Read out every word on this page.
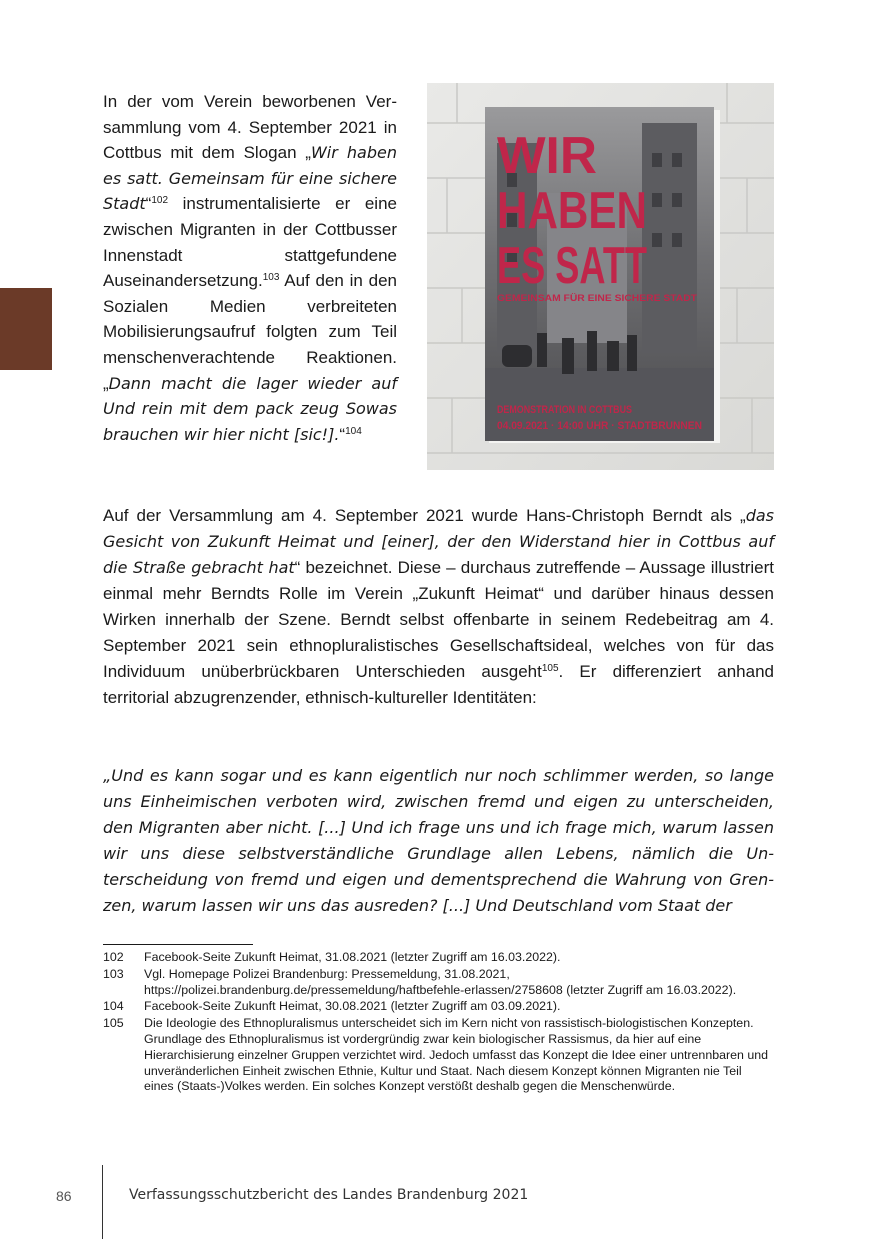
In der vom Verein beworbenen Versammlung vom 4. September 2021 in Cottbus mit dem Slogan „Wir haben es satt. Gemeinsam für eine sichere Stadt“$^{102}$ instrumentalisierte er eine zwischen Migranten in der Cottbusser Innenstadt stattgefundene Auseinandersetzung.$^{103}$ Auf den in den Sozialen Medien verbreiteten Mobilisierungsaufruf folgten zum Teil menschenverachtende Reaktionen. „Dann macht die lager wieder auf Und rein mit dem pack zeug Sowas brauchen wir hier nicht [sic!].“$^{104}$
WIR
HABEN
ES SATT
GEMEINSAM FÜR EINE SICHERE STADT
DEMONSTRATION IN COTTBUS
04.09.2021 · 14:00 UHR · STADTBRUNNEN

Auf der Versammlung am 4. September 2021 wurde Hans-Christoph Berndt als „das Gesicht von Zukunft Heimat und [einer], der den Widerstand hier in Cottbus auf die Straße gebracht hat“ bezeichnet. Diese – durchaus zutreffende – Aussage illustriert einmal mehr Berndts Rolle im Verein „Zukunft Heimat“ und darüber hinaus dessen Wirken innerhalb der Szene. Berndt selbst offenbarte in seinem Redebeitrag am 4. September 2021 sein ethnopluralistisches Gesellschaftsideal, welches von für das Individuum unüberbrückbaren Unterschieden ausgeht$^{105}$. Er differenziert anhand territorial abzugrenzender, ethnisch-kultureller Identitäten:

„Und es kann sogar und es kann eigentlich nur noch schlimmer werden, so lange uns Einheimischen verboten wird, zwischen fremd und eigen zu unterscheiden, den Migranten aber nicht. [...] Und ich frage uns und ich frage mich, warum lassen wir uns diese selbstverständliche Grundlage allen Lebens, nämlich die Unterscheidung von fremd und eigen und dementsprechend die Wahrung von Grenzen, warum lassen wir uns das ausreden? [...] Und Deutschland vom Staat der
102	Facebook-Seite Zukunft Heimat, 31.08.2021 (letzter Zugriff am 16.03.2022).
103	Vgl. Homepage Polizei Brandenburg: Pressemeldung, 31.08.2021, https://polizei.brandenburg.de/pressemeldung/haftbefehle-erlassen/2758608 (letzter Zugriff am 16.03.2022).
104	Facebook-Seite Zukunft Heimat, 30.08.2021 (letzter Zugriff am 03.09.2021).
105	Die Ideologie des Ethnopluralismus unterscheidet sich im Kern nicht von rassistisch-biologistischen Konzepten. Grundlage des Ethnopluralismus ist vordergründig zwar kein biologischer Rassismus, da hier auf eine Hierarchisierung einzelner Gruppen verzichtet wird. Jedoch umfasst das Konzept die Idee einer untrennbaren und unveränderlichen Einheit zwischen Ethnie, Kultur und Staat. Nach diesem Konzept können Migranten nie Teil eines (Staats-)Volkes werden. Ein solches Konzept verstößt deshalb gegen die Menschenwürde.
86	Verfassungsschutzbericht des Landes Brandenburg 2021
